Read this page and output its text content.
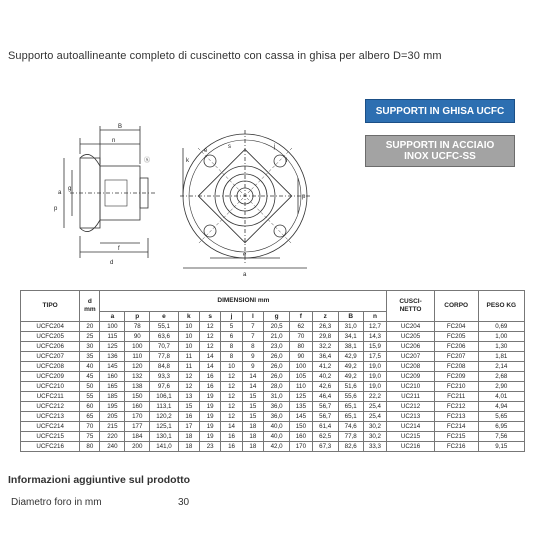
Supporto autoallineante completo di cuscinetto con cassa in ghisa per albero D=30 mm
SUPPORTI IN GHISA UCFC
SUPPORTI IN ACCIAIO
INOX UCFC-SS
B
n
Ⓢ
a
g
f
p
d
e
k
s	j
l
p
e
a
TIPO	d
mm	DIMENSIONI mm												CUSCI-
NETTO	CORPO	PESO KG
		a	p	e	k	s	j	l	g	f	z	B	n			
UCFC204	20	100	78	55,1	10	12	5	7	20,5	62	26,3	31,0	12,7	UC204	FC204	0,69
UCFC205	25	115	90	63,6	10	12	6	7	21,0	70	29,8	34,1	14,3	UC205	FC205	1,00
UCFC206	30	125	100	70,7	10	12	8	8	23,0	80	32,2	38,1	15,9	UC206	FC206	1,30
UCFC207	35	136	110	77,8	11	14	8	9	26,0	90	36,4	42,9	17,5	UC207	FC207	1,81
UCFC208	40	145	120	84,8	11	14	10	9	26,0	100	41,2	49,2	19,0	UC208	FC208	2,14
UCFC209	45	160	132	93,3	12	16	12	14	26,0	105	40,2	49,2	19,0	UC209	FC209	2,68
UCFC210	50	165	138	97,6	12	16	12	14	28,0	110	42,6	51,6	19,0	UC210	FC210	2,90
UCFC211	55	185	150	106,1	13	19	12	15	31,0	125	46,4	55,6	22,2	UC211	FC211	4,01
UCFC212	60	195	160	113,1	15	19	12	15	36,0	135	56,7	65,1	25,4	UC212	FC212	4,94
UCFC213	65	205	170	120,2	16	19	12	15	36,0	145	56,7	65,1	25,4	UC213	FC213	5,65
UCFC214	70	215	177	125,1	17	19	14	18	40,0	150	61,4	74,6	30,2	UC214	FC214	6,95
UCFC215	75	220	184	130,1	18	19	16	18	40,0	160	62,5	77,8	30,2	UC215	FC215	7,56
UCFC216	80	240	200	141,0	18	23	16	18	42,0	170	67,3	82,6	33,3	UC216	FC216	9,15
Informazioni aggiuntive sul prodotto
Diametro foro in mm	30
